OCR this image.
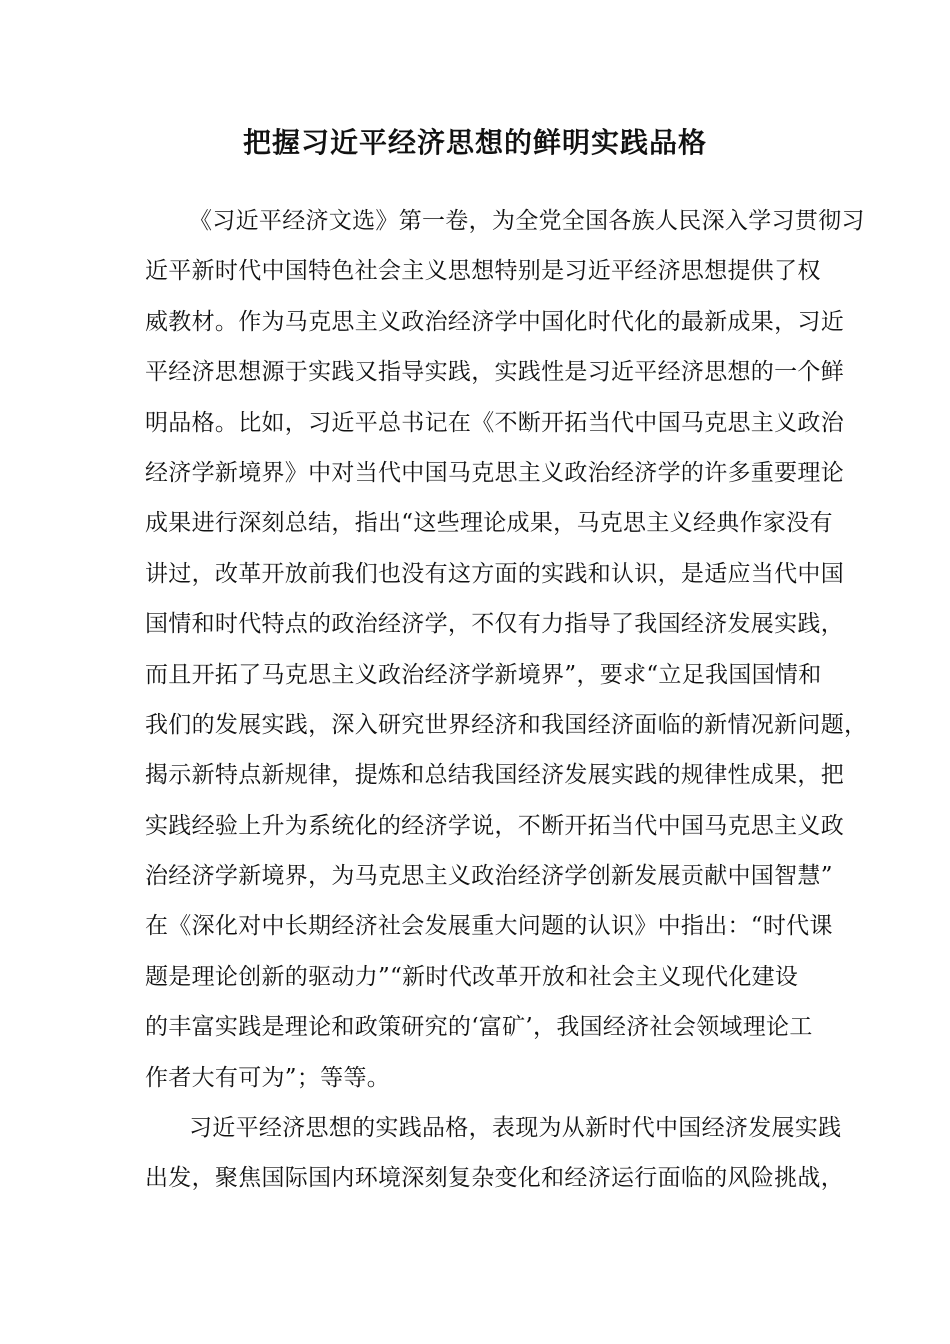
把握习近平经济思想的鲜明实践品格
《习近平经济文选》第一卷，为全党全国各族人民深入学习贯彻习
近平新时代中国特色社会主义思想特别是习近平经济思想提供了权
威教材。作为马克思主义政治经济学中国化时代化的最新成果，习近
平经济思想源于实践又指导实践，实践性是习近平经济思想的一个鲜
明品格。比如，习近平总书记在《不断开拓当代中国马克思主义政治
经济学新境界》中对当代中国马克思主义政治经济学的许多重要理论
成果进行深刻总结，指出“这些理论成果，马克思主义经典作家没有
讲过，改革开放前我们也没有这方面的实践和认识，是适应当代中国
国情和时代特点的政治经济学，不仅有力指导了我国经济发展实践，
而且开拓了马克思主义政治经济学新境界”，要求“立足我国国情和
我们的发展实践，深入研究世界经济和我国经济面临的新情况新问题，
揭示新特点新规律，提炼和总结我国经济发展实践的规律性成果，把
实践经验上升为系统化的经济学说，不断开拓当代中国马克思主义政
治经济学新境界，为马克思主义政治经济学创新发展贡献中国智慧”
在《深化对中长期经济社会发展重大问题的认识》中指出：“时代课
题是理论创新的驱动力”“新时代改革开放和社会主义现代化建设
的丰富实践是理论和政策研究的‘富矿’，我国经济社会领域理论工
作者大有可为”；等等。
习近平经济思想的实践品格，表现为从新时代中国经济发展实践
出发，聚焦国际国内环境深刻复杂变化和经济运行面临的风险挑战，
